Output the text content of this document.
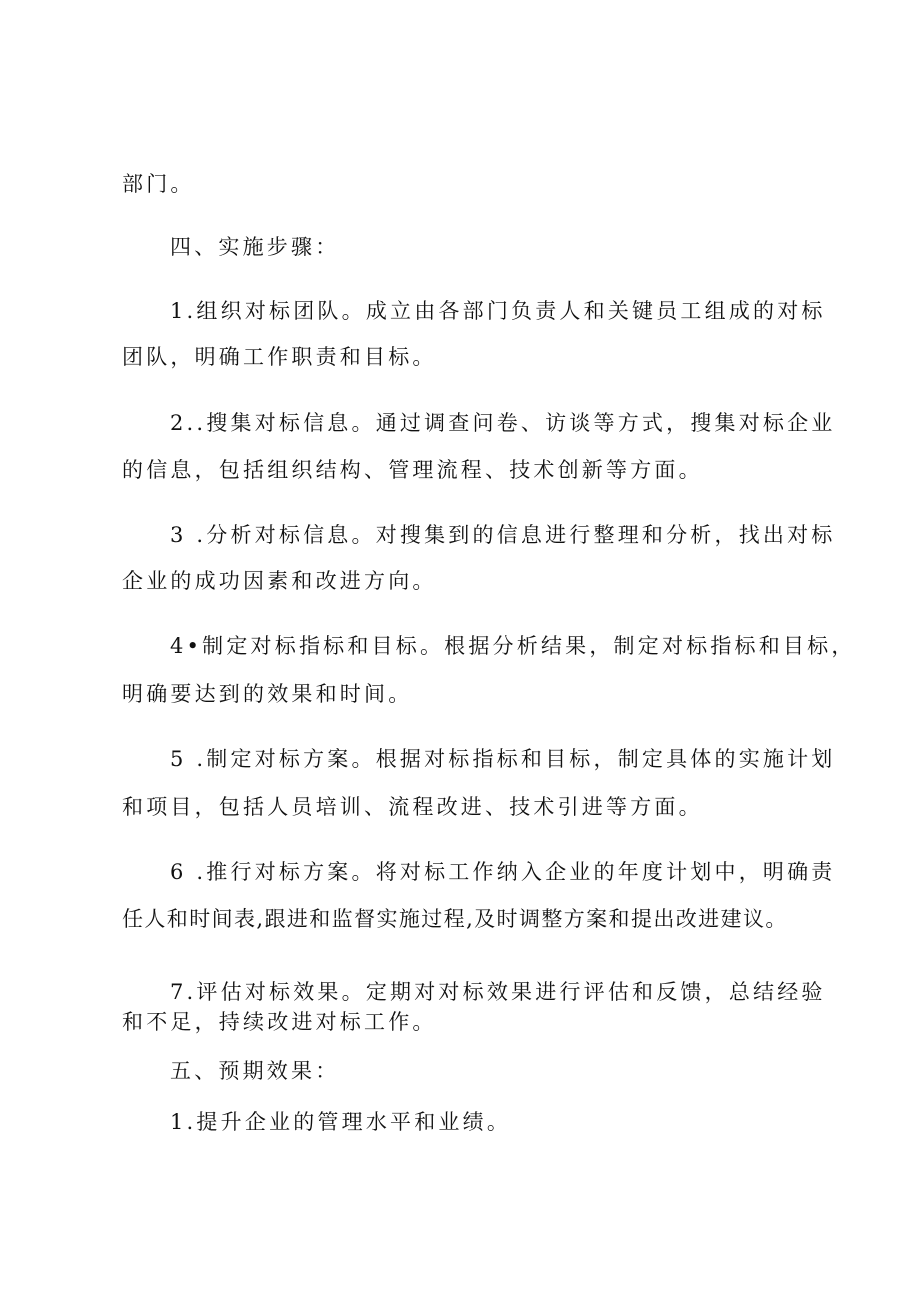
部门。
四、实施步骤：
1.组织对标团队。成立由各部门负责人和关键员工组成的对标
团队，明确工作职责和目标。
2..搜集对标信息。通过调查问卷、访谈等方式，搜集对标企业
的信息，包括组织结构、管理流程、技术创新等方面。
3 .分析对标信息。对搜集到的信息进行整理和分析，找出对标
企业的成功因素和改进方向。
4•制定对标指标和目标。根据分析结果，制定对标指标和目标，
明确要达到的效果和时间。
5 .制定对标方案。根据对标指标和目标，制定具体的实施计划
和项目，包括人员培训、流程改进、技术引进等方面。
6 .推行对标方案。将对标工作纳入企业的年度计划中，明确责
任人和时间表,跟进和监督实施过程,及时调整方案和提出改进建议。
7.评估对标效果。定期对对标效果进行评估和反馈，总结经验
和不足，持续改进对标工作。
五、预期效果：
1.提升企业的管理水平和业绩。
